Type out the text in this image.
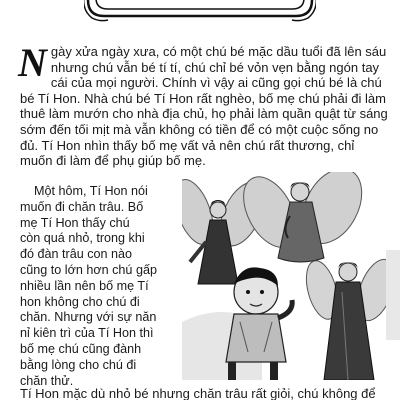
N gày xửa ngày xưa, có một chú bé mặc dầu tuổi đã lên sáu nhưng chú vẫn bé tí tí, chú chỉ bé vỏn vẹn bằng ngón tay cái của mọi người. Chính vì vậy ai cũng gọi chú bé là chú bé Tí Hon. Nhà chú bé Tí Hon rất nghèo, bố mẹ chú phải đi làm thuê làm mướn cho nhà địa chủ, họ phải làm quần quật từ sáng sớm đến tối mịt mà vẫn không có tiền để có một cuộc sống no đủ. Tí Hon nhìn thấy bố mẹ vất vả nên chú rất thương, chỉ muốn đi làm để phụ giúp bố mẹ.

Một hôm, Tí Hon nói
muốn đi chăn trâu. Bố
mẹ Tí Hon thấy chú
còn quá nhỏ, trong khi
đó đàn trâu con nào
cũng to lớn hơn chú gấp
nhiều lần nên bố mẹ Tí
hon không cho chú đi
chăn. Nhưng với sự năn
nỉ kiên trì của Tí Hon thì
bố mẹ chú cũng đành
bằng lòng cho chú đi
chăn thử.

Tí Hon mặc dù nhỏ bé nhưng chăn trâu rất giỏi, chú không để
